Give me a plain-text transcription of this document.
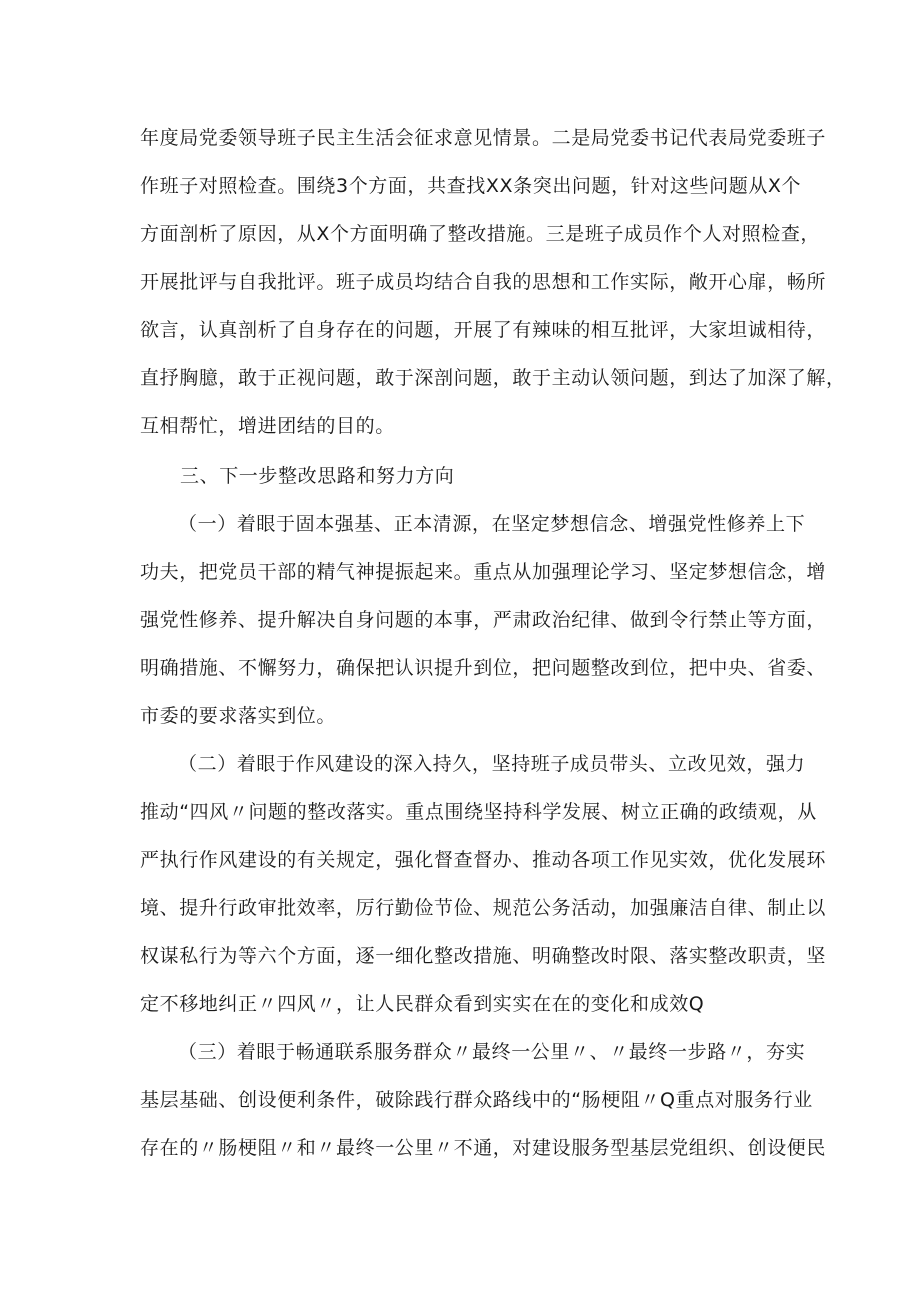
年度局党委领导班子民主生活会征求意见情景。二是局党委书记代表局党委班子
作班子对照检查。围绕3个方面，共查找XX条突出问题，针对这些问题从X个
方面剖析了原因，从X个方面明确了整改措施。三是班子成员作个人对照检查，
开展批评与自我批评。班子成员均结合自我的思想和工作实际，敞开心扉，畅所
欲言，认真剖析了自身存在的问题，开展了有辣味的相互批评，大家坦诚相待，
直抒胸臆，敢于正视问题，敢于深剖问题，敢于主动认领问题，到达了加深了解，
互相帮忙，增进团结的目的。
三、下一步整改思路和努力方向
（一）着眼于固本强基、正本清源，在坚定梦想信念、增强党性修养上下
功夫，把党员干部的精气神提振起来。重点从加强理论学习、坚定梦想信念，增
强党性修养、提升解决自身问题的本事，严肃政治纪律、做到令行禁止等方面，
明确措施、不懈努力，确保把认识提升到位，把问题整改到位，把中央、省委、
市委的要求落实到位。
（二）着眼于作风建设的深入持久，坚持班子成员带头、立改见效，强力
推动“四风〃问题的整改落实。重点围绕坚持科学发展、树立正确的政绩观，从
严执行作风建设的有关规定，强化督查督办、推动各项工作见实效，优化发展环
境、提升行政审批效率，厉行勤俭节俭、规范公务活动，加强廉洁自律、制止以
权谋私行为等六个方面，逐一细化整改措施、明确整改时限、落实整改职责，坚
定不移地纠正〃四风〃，让人民群众看到实实在在的变化和成效Q
（三）着眼于畅通联系服务群众〃最终一公里〃、〃最终一步路〃，夯实
基层基础、创设便利条件，破除践行群众路线中的“肠梗阻〃Q重点对服务行业
存在的〃肠梗阻〃和〃最终一公里〃不通，对建设服务型基层党组织、创设便民
